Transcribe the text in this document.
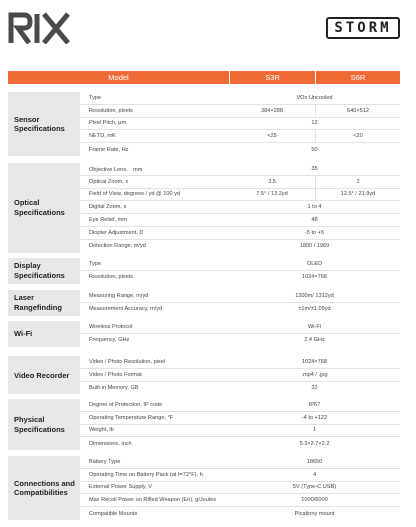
STORM
Model	S3R	S6R
Sensor Specifications
Type	VOx Uncooled
Resolution, pixels	384×288	640×512
Pixel Pitch, μm	12
NETD, mK	<25	<20
Frame Rate, Hz	50
Optical Specifications
Objective Lens， mm	35
Optical Zoom, x	3.5	2
Field of View, degrees / yd @ 100 yd	7.5° / 13.2yd	12.5° / 21.9yd
Digital Zoom, x	1 to 4
Eye Relief, mm	48
Diopter Adjustment, D	-5 to +5
Detection Range, m/yd	1800 / 1969
Display Specifications
Type	OLED
Resolution, pixels	1024×768
Laser Rangefinding
Measuring Range, m/yd	1200m/ 1312yd
Measurement Accuracy, m/yd	±1m/±1.09yd
Wi-Fi
Wireless Protocol	Wi-Fi
Frequency, GHz	2.4 GHz
Video Recorder
Video / Photo Resolution, pixel	1024×768
Video / Photo Format	.mp4 / .jpg
Built-in Memory, GB	32
Physical Specifications
Degree of Protection, IP code	IP67
Operating Temperature Range, °F	-4 to +122
Weight, lb	1
Dimensions, inch	5.3×2.7×2.2
Connections and Compatibilities
Battery Type	18650
Operating Time on Battery Pack (at t=72°F), h	4
External Power Supply, V	5V (Type-C USB)
Max Recoil Power on Rifled Weapon (Eo), g/Joules	1000/6000
Compatible Mounts	Picatinny mount
